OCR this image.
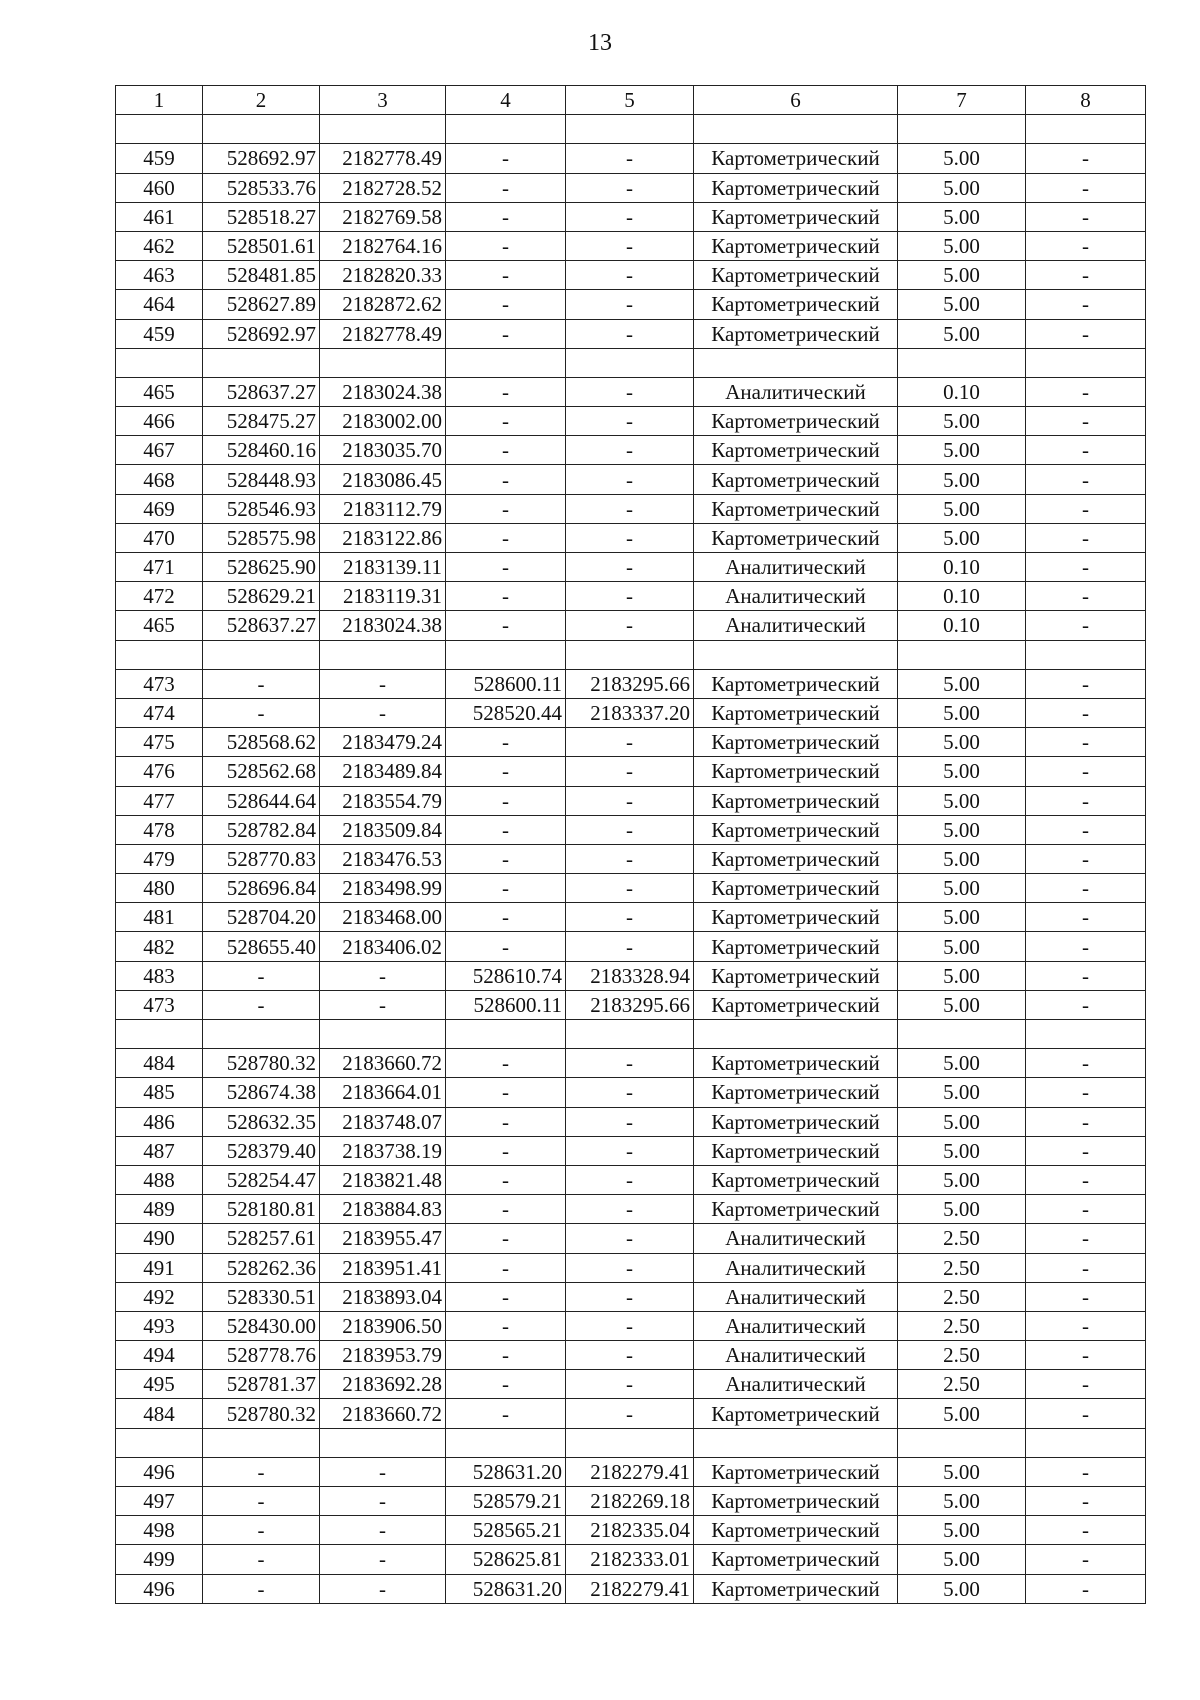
13
1	2	3	4	5	6	7	8

459	528692.97	2182778.49	-	-	Картометрический	5.00	-
460	528533.76	2182728.52	-	-	Картометрический	5.00	-
461	528518.27	2182769.58	-	-	Картометрический	5.00	-
462	528501.61	2182764.16	-	-	Картометрический	5.00	-
463	528481.85	2182820.33	-	-	Картометрический	5.00	-
464	528627.89	2182872.62	-	-	Картометрический	5.00	-
459	528692.97	2182778.49	-	-	Картометрический	5.00	-

465	528637.27	2183024.38	-	-	Аналитический	0.10	-
466	528475.27	2183002.00	-	-	Картометрический	5.00	-
467	528460.16	2183035.70	-	-	Картометрический	5.00	-
468	528448.93	2183086.45	-	-	Картометрический	5.00	-
469	528546.93	2183112.79	-	-	Картометрический	5.00	-
470	528575.98	2183122.86	-	-	Картометрический	5.00	-
471	528625.90	2183139.11	-	-	Аналитический	0.10	-
472	528629.21	2183119.31	-	-	Аналитический	0.10	-
465	528637.27	2183024.38	-	-	Аналитический	0.10	-

473	-	-	528600.11	2183295.66	Картометрический	5.00	-
474	-	-	528520.44	2183337.20	Картометрический	5.00	-
475	528568.62	2183479.24	-	-	Картометрический	5.00	-
476	528562.68	2183489.84	-	-	Картометрический	5.00	-
477	528644.64	2183554.79	-	-	Картометрический	5.00	-
478	528782.84	2183509.84	-	-	Картометрический	5.00	-
479	528770.83	2183476.53	-	-	Картометрический	5.00	-
480	528696.84	2183498.99	-	-	Картометрический	5.00	-
481	528704.20	2183468.00	-	-	Картометрический	5.00	-
482	528655.40	2183406.02	-	-	Картометрический	5.00	-
483	-	-	528610.74	2183328.94	Картометрический	5.00	-
473	-	-	528600.11	2183295.66	Картометрический	5.00	-

484	528780.32	2183660.72	-	-	Картометрический	5.00	-
485	528674.38	2183664.01	-	-	Картометрический	5.00	-
486	528632.35	2183748.07	-	-	Картометрический	5.00	-
487	528379.40	2183738.19	-	-	Картометрический	5.00	-
488	528254.47	2183821.48	-	-	Картометрический	5.00	-
489	528180.81	2183884.83	-	-	Картометрический	5.00	-
490	528257.61	2183955.47	-	-	Аналитический	2.50	-
491	528262.36	2183951.41	-	-	Аналитический	2.50	-
492	528330.51	2183893.04	-	-	Аналитический	2.50	-
493	528430.00	2183906.50	-	-	Аналитический	2.50	-
494	528778.76	2183953.79	-	-	Аналитический	2.50	-
495	528781.37	2183692.28	-	-	Аналитический	2.50	-
484	528780.32	2183660.72	-	-	Картометрический	5.00	-

496	-	-	528631.20	2182279.41	Картометрический	5.00	-
497	-	-	528579.21	2182269.18	Картометрический	5.00	-
498	-	-	528565.21	2182335.04	Картометрический	5.00	-
499	-	-	528625.81	2182333.01	Картометрический	5.00	-
496	-	-	528631.20	2182279.41	Картометрический	5.00	-
